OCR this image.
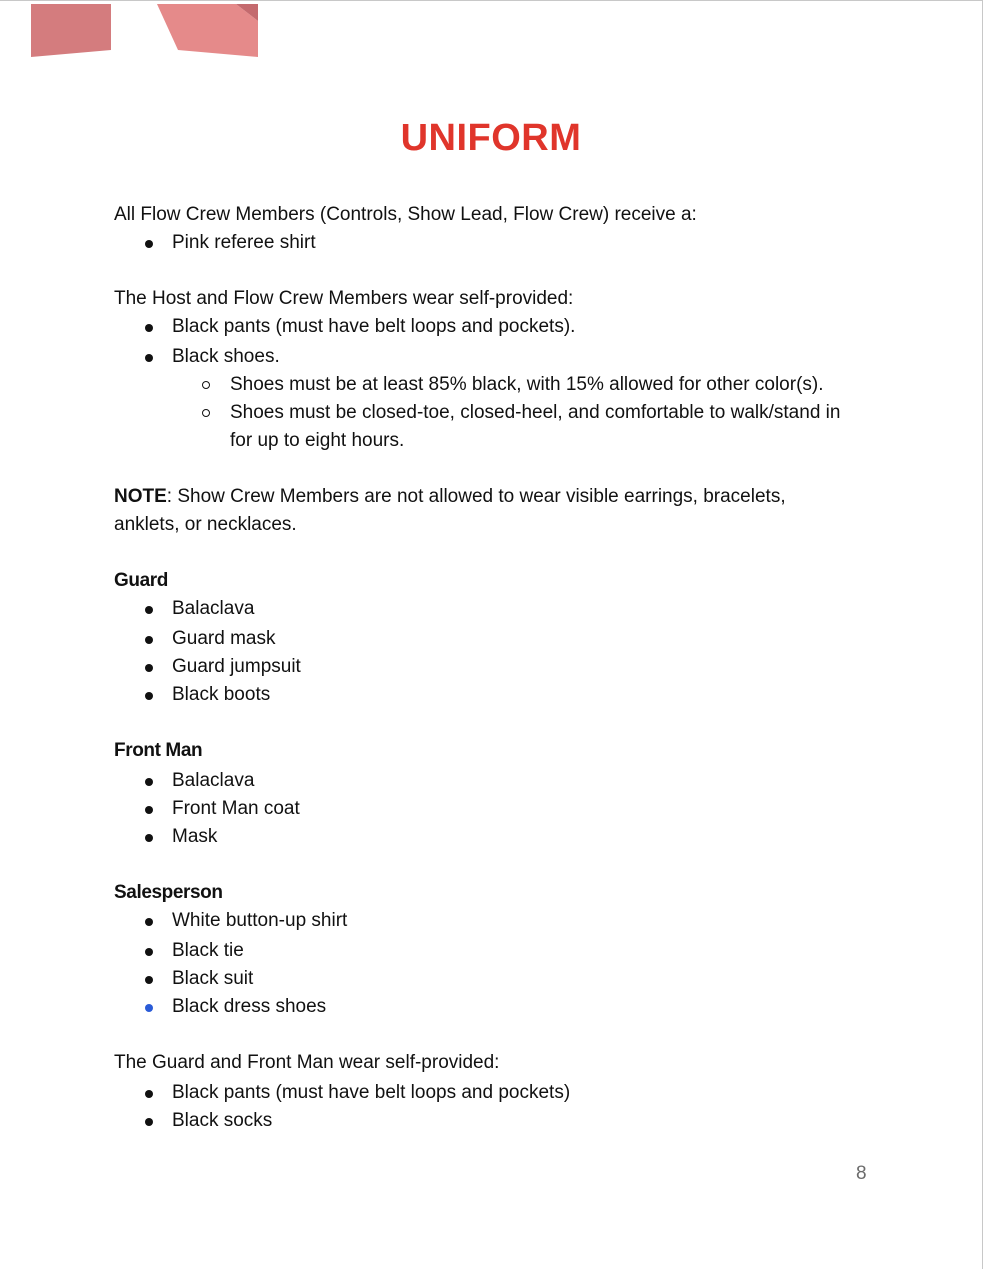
UNIFORM
All Flow Crew Members (Controls, Show Lead, Flow Crew) receive a:
Pink referee shirt
The Host and Flow Crew Members wear self-provided:
Black pants (must have belt loops and pockets).
Black shoes.
Shoes must be at least 85% black, with 15% allowed for other color(s).
Shoes must be closed-toe, closed-heel, and comfortable to walk/stand in for up to eight hours.
NOTE: Show Crew Members are not allowed to wear visible earrings, bracelets, anklets, or necklaces.
Guard
Balaclava
Guard mask
Guard jumpsuit
Black boots
Front Man
Balaclava
Front Man coat
Mask
Salesperson
White button-up shirt
Black tie
Black suit
Black dress shoes
The Guard and Front Man wear self-provided:
Black pants (must have belt loops and pockets)
Black socks
8
